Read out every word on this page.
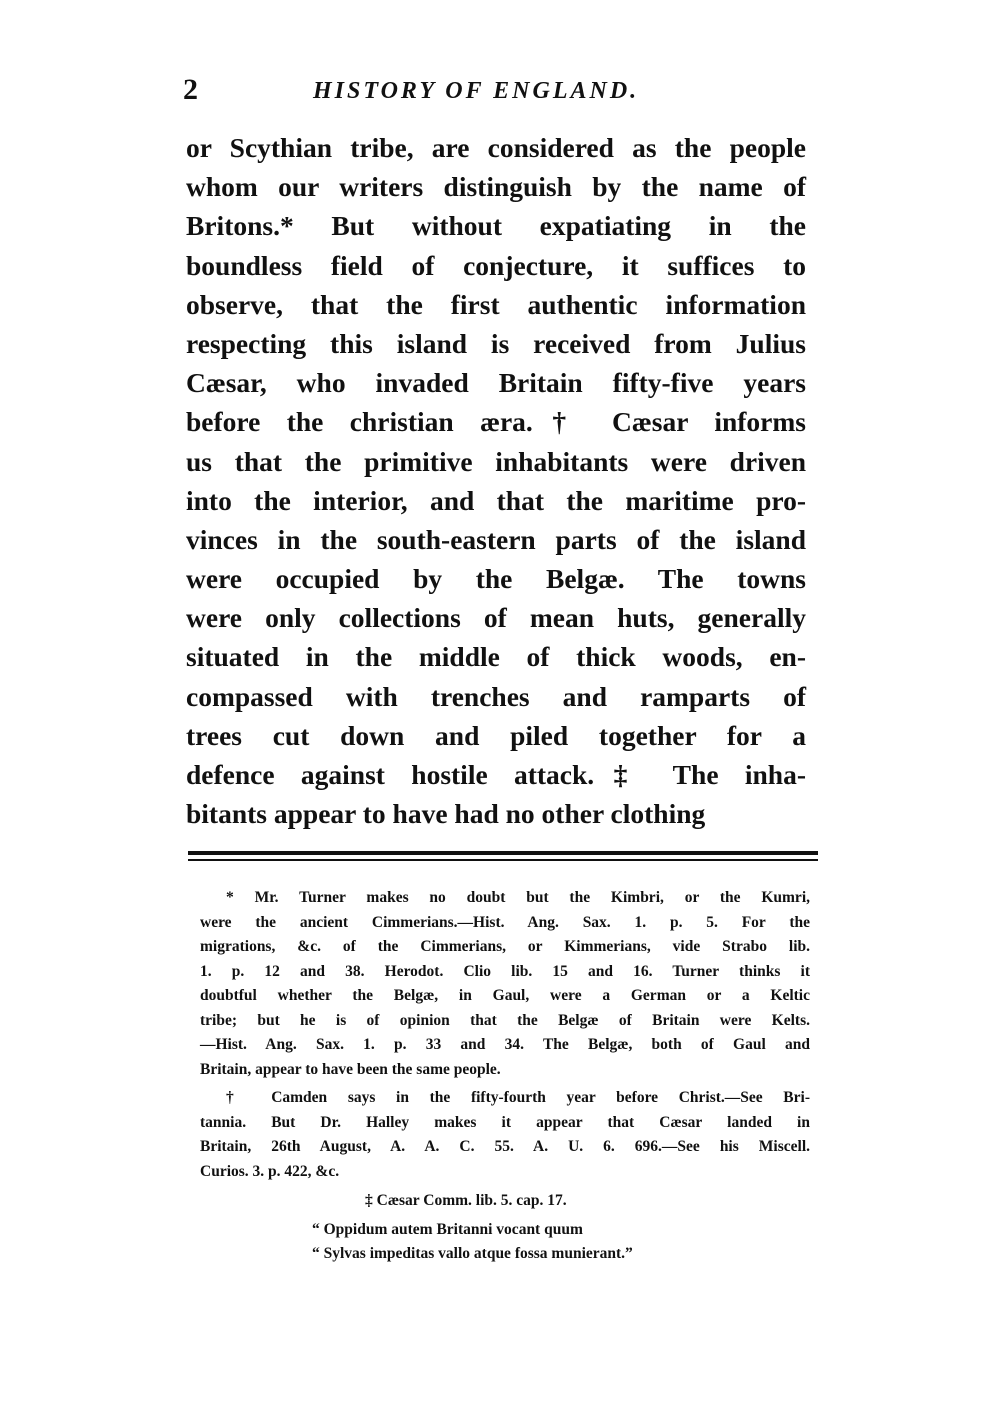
2	HISTORY OF ENGLAND.
or Scythian tribe, are considered as the people
whom our writers distinguish by the name of
Britons.* But without expatiating in the
boundless field of conjecture, it suffices to
observe, that the first authentic information
respecting this island is received from Julius
Cæsar, who invaded Britain fifty-five years
before the christian æra.† Cæsar informs
us that the primitive inhabitants were driven
into the interior, and that the maritime pro-
vinces in the south-eastern parts of the island
were occupied by the Belgæ. The towns
were only collections of mean huts, generally
situated in the middle of thick woods, en-
compassed with trenches and ramparts of
trees cut down and piled together for a
defence against hostile attack.‡ The inha-
bitants appear to have had no other clothing
* Mr. Turner makes no doubt but the Kimbri, or the Kumri,
were the ancient Cimmerians.—Hist. Ang. Sax. 1. p. 5. For the
migrations, &c. of the Cimmerians, or Kimmerians, vide Strabo lib.
1. p. 12 and 38. Herodot. Clio lib. 15 and 16. Turner thinks it
doubtful whether the Belgæ, in Gaul, were a German or a Keltic
tribe; but he is of opinion that the Belgæ of Britain were Kelts.
—Hist. Ang. Sax. 1. p. 33 and 34. The Belgæ, both of Gaul and
Britain, appear to have been the same people.
† Camden says in the fifty-fourth year before Christ.—See Bri-
tannia. But Dr. Halley makes it appear that Cæsar landed in
Britain, 26th August, A. A. C. 55. A. U. 6. 696.—See his Miscell.
Curios. 3. p. 422, &c.
‡ Cæsar Comm. lib. 5. cap. 17.
“ Oppidum autem Britanni vocant quum
“ Sylvas impeditas vallo atque fossa munierant.”
